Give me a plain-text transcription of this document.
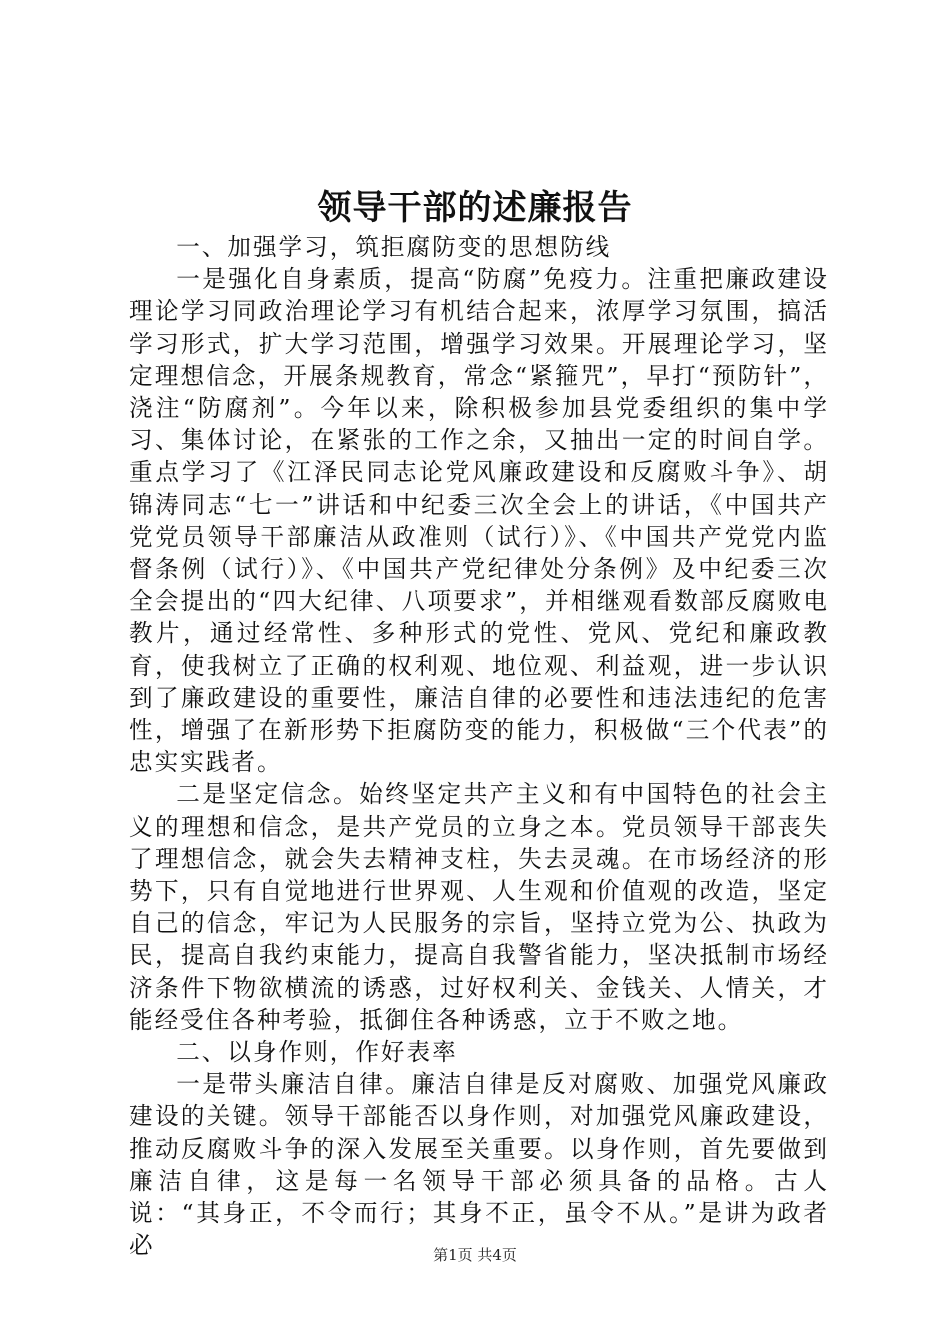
领导干部的述廉报告

一、加强学习，筑拒腐防变的思想防线

一是强化自身素质，提高“防腐”免疫力。注重把廉政建设理论学习同政治理论学习有机结合起来，浓厚学习氛围，搞活学习形式，扩大学习范围，增强学习效果。开展理论学习，坚定理想信念，开展条规教育，常念“紧箍咒”，早打“预防针”，浇注“防腐剂”。今年以来，除积极参加县党委组织的集中学习、集体讨论，在紧张的工作之余，又抽出一定的时间自学。重点学习了《江泽民同志论党风廉政建设和反腐败斗争》、胡锦涛同志“七一”讲话和中纪委三次全会上的讲话，《中国共产党党员领导干部廉洁从政准则（试行）》、《中国共产党党内监督条例（试行）》、《中国共产党纪律处分条例》及中纪委三次全会提出的“四大纪律、八项要求”，并相继观看数部反腐败电教片，通过经常性、多种形式的党性、党风、党纪和廉政教育，使我树立了正确的权利观、地位观、利益观，进一步认识到了廉政建设的重要性，廉洁自律的必要性和违法违纪的危害性，增强了在新形势下拒腐防变的能力，积极做“三个代表”的忠实实践者。

二是坚定信念。始终坚定共产主义和有中国特色的社会主义的理想和信念，是共产党员的立身之本。党员领导干部丧失了理想信念，就会失去精神支柱，失去灵魂。在市场经济的形势下，只有自觉地进行世界观、人生观和价值观的改造，坚定自己的信念，牢记为人民服务的宗旨，坚持立党为公、执政为民，提高自我约束能力，提高自我警省能力，坚决抵制市场经济条件下物欲横流的诱惑，过好权利关、金钱关、人情关，才能经受住各种考验，抵御住各种诱惑，立于不败之地。

二、以身作则，作好表率

一是带头廉洁自律。廉洁自律是反对腐败、加强党风廉政建设的关键。领导干部能否以身作则，对加强党风廉政建设，推动反腐败斗争的深入发展至关重要。以身作则，首先要做到廉洁自律，这是每一名领导干部必须具备的品格。古人说：“其身正，不令而行；其身不正，虽令不从。”是讲为政者必	第1页 共4页
